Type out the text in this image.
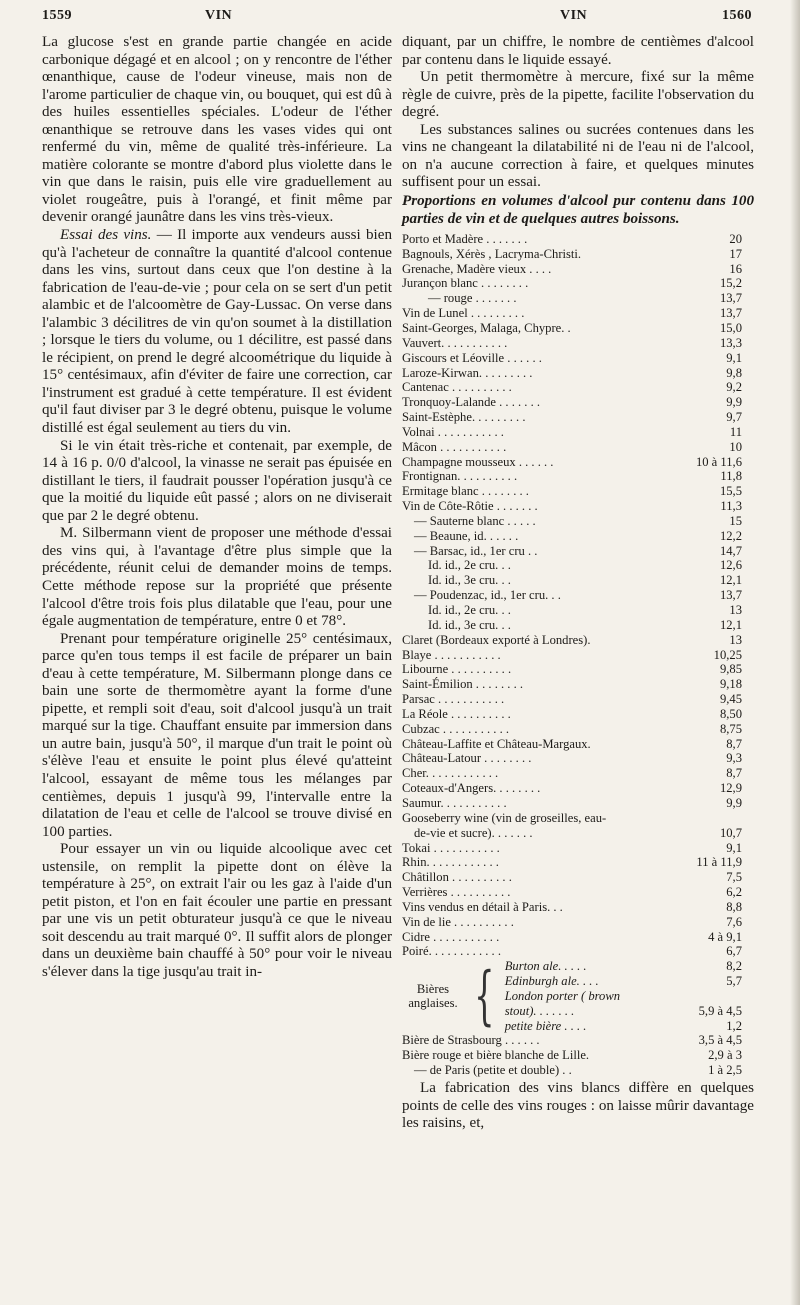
1559	VIN	VIN	1560

La glucose s'est en grande partie changée en acide carbonique dégagé et en alcool ; on y rencontre de l'éther œnanthique, cause de l'odeur vineuse, mais non de l'arome particulier de chaque vin, ou bouquet, qui est dû à des huiles essentielles spéciales. L'odeur de l'éther œnanthique se retrouve dans les vases vides qui ont renfermé du vin, même de qualité très-inférieure. La matière colorante se montre d'abord plus violette dans le vin que dans le raisin, puis elle vire graduellement au violet rougeâtre, puis à l'orangé, et finit même par devenir orangé jaunâtre dans les vins très-vieux.

Essai des vins. — Il importe aux vendeurs aussi bien qu'à l'acheteur de connaître la quantité d'alcool contenue dans les vins, surtout dans ceux que l'on destine à la fabrication de l'eau-de-vie ; pour cela on se sert d'un petit alambic et de l'alcoomètre de Gay-Lussac. On verse dans l'alambic 3 décilitres de vin qu'on soumet à la distillation ; lorsque le tiers du volume, ou 1 décilitre, est passé dans le récipient, on prend le degré alcoométrique du liquide à 15° centésimaux, afin d'éviter de faire une correction, car l'instrument est gradué à cette température. Il est évident qu'il faut diviser par 3 le degré obtenu, puisque le volume distillé est égal seulement au tiers du vin.

Si le vin était très-riche et contenait, par exemple, de 14 à 16 p. 0/0 d'alcool, la vinasse ne serait pas épuisée en distillant le tiers, il faudrait pousser l'opération jusqu'à ce que la moitié du liquide eût passé ; alors on ne diviserait que par 2 le degré obtenu.

M. Silbermann vient de proposer une méthode d'essai des vins qui, à l'avantage d'être plus simple que la précédente, réunit celui de demander moins de temps. Cette méthode repose sur la propriété que présente l'alcool d'être trois fois plus dilatable que l'eau, pour une égale augmentation de température, entre 0 et 78°.

Prenant pour température originelle 25° centésimaux, parce qu'en tous temps il est facile de préparer un bain d'eau à cette température, M. Silbermann plonge dans ce bain une sorte de thermomètre ayant la forme d'une pipette, et rempli soit d'eau, soit d'alcool jusqu'à un trait marqué sur la tige. Chauffant ensuite par immersion dans un autre bain, jusqu'à 50°, il marque d'un trait le point où s'élève l'eau et ensuite le point plus élevé qu'atteint l'alcool, essayant de même tous les mélanges par centièmes, depuis 1 jusqu'à 99, l'intervalle entre la dilatation de l'eau et celle de l'alcool se trouve divisé en 100 parties.

Pour essayer un vin ou liquide alcoolique avec cet ustensile, on remplit la pipette dont on élève la température à 25°, on extrait l'air ou les gaz à l'aide d'un petit piston, et l'on en fait écouler une partie en pressant par une vis un petit obturateur jusqu'à ce que le niveau soit descendu au trait marqué 0°. Il suffit alors de plonger dans un deuxième bain chauffé à 50° pour voir le niveau s'élever dans la tige jusqu'au trait in-

diquant, par un chiffre, le nombre de centièmes d'alcool par contenu dans le liquide essayé.

Un petit thermomètre à mercure, fixé sur la même règle de cuivre, près de la pipette, facilite l'observation du degré.

Les substances salines ou sucrées contenues dans les vins ne changeant la dilatabilité ni de l'eau ni de l'alcool, on n'a aucune correction à faire, et quelques minutes suffisent pour un essai.

Proportions en volumes d'alcool pur contenu dans 100 parties de vin et de quelques autres boissons.

Porto et Madère . . . . . . .	20
Bagnouls, Xérès , Lacryma-Christi.	17
Grenache, Madère vieux . . . .	16
Jurançon blanc . . . . . . . .	15,2
— rouge . . . . . . .	13,7
Vin de Lunel . . . . . . . . .	13,7
Saint-Georges, Malaga, Chypre. .	15,0
Vauvert. . . . . . . . . . .	13,3
Giscours et Léoville . . . . . .	9,1
Laroze-Kirwan. . . . . . . . .	9,8
Cantenac . . . . . . . . . .	9,2
Tronquoy-Lalande . . . . . . .	9,9
Saint-Estèphe. . . . . . . . .	9,7
Volnai . . . . . . . . . . .	11
Mâcon . . . . . . . . . . .	10
Champagne mousseux . . . . . .	10 à 11,6
Frontignan. . . . . . . . . .	11,8
Ermitage blanc . . . . . . . .	15,5
Vin de Côte-Rôtie . . . . . . .	11,3
— Sauterne blanc . . . . .	15
— Beaune, id. . . . . .	12,2
— Barsac, id., 1er cru . .	14,7
Id. id., 2e cru. . .	12,6
Id. id., 3e cru. . .	12,1
— Poudenzac, id., 1er cru. . .	13,7
Id. id., 2e cru. . .	13
Id. id., 3e cru. . .	12,1
Claret (Bordeaux exporté à Londres).	13
Blaye . . . . . . . . . . .	10,25
Libourne . . . . . . . . . .	9,85
Saint-Émilion . . . . . . . .	9,18
Parsac . . . . . . . . . . .	9,45
La Réole . . . . . . . . . .	8,50
Cubzac . . . . . . . . . . .	8,75
Château-Laffite et Château-Margaux.	8,7
Château-Latour . . . . . . . .	9,3
Cher. . . . . . . . . . . .	8,7
Coteaux-d'Angers. . . . . . . .	12,9
Saumur. . . . . . . . . . .	9,9
Gooseberry wine (vin de groseilles, eau-	
de-vie et sucre). . . . . . .	10,7
Tokai . . . . . . . . . . .	9,1
Rhin. . . . . . . . . . . .	11 à 11,9
Châtillon . . . . . . . . . .	7,5
Verrières . . . . . . . . . .	6,2
Vins vendus en détail à Paris. . .	8,8
Vin de lie . . . . . . . . . .	7,6
Cidre . . . . . . . . . . .	4 à 9,1
Poiré. . . . . . . . . . . .	6,7
Bières
anglaises.	{	Burton ale. . . . .	8,2
		Edinburgh ale. . . .	5,7
		London porter ( brown	
		stout). . . . . . .	5,9 à 4,5
		petite bière . . . .	1,2
Bière de Strasbourg . . . . . .	3,5 à 4,5
Bière rouge et bière blanche de Lille.	2,9 à 3
— de Paris (petite et double) . .	1 à 2,5

La fabrication des vins blancs diffère en quelques points de celle des vins rouges : on laisse mûrir davantage les raisins, et,
